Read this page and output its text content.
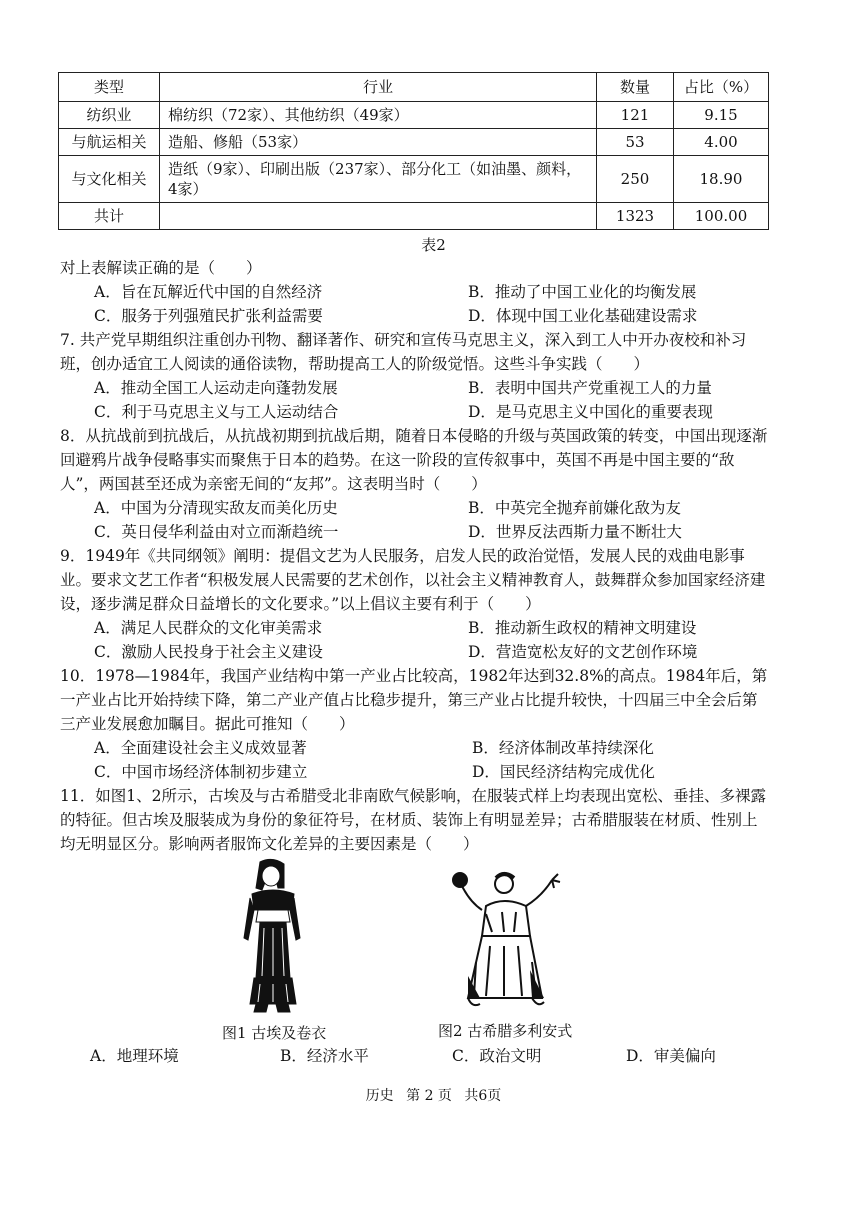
类型	行业	数量	占比（%）
纺织业	棉纺织（72家）、其他纺织（49家）	121	9.15
与航运相关	造船、修船（53家）	53	4.00
与文化相关	造纸（9家）、印刷出版（237家）、部分化工（如油墨、颜料，4家）	250	18.90
共计		1323	100.00
表2
对上表解读正确的是（　　）
A．旨在瓦解近代中国的自然经济	B．推动了中国工业化的均衡发展
C．服务于列强殖民扩张利益需要	D．体现中国工业化基础建设需求
7. 共产党早期组织注重创办刊物、翻译著作、研究和宣传马克思主义，深入到工人中开办夜校和补习班，创办适宜工人阅读的通俗读物，帮助提高工人的阶级觉悟。这些斗争实践（　　）
A．推动全国工人运动走向蓬勃发展	B．表明中国共产党重视工人的力量
C．利于马克思主义与工人运动结合	D．是马克思主义中国化的重要表现
8．从抗战前到抗战后，从抗战初期到抗战后期，随着日本侵略的升级与英国政策的转变，中国出现逐渐回避鸦片战争侵略事实而聚焦于日本的趋势。在这一阶段的宣传叙事中，英国不再是中国主要的“敌人”，两国甚至还成为亲密无间的“友邦”。这表明当时（　　）
A．中国为分清现实敌友而美化历史	B．中英完全抛弃前嫌化敌为友
C．英日侵华利益由对立而渐趋统一	D．世界反法西斯力量不断壮大
9．1949年《共同纲领》阐明：提倡文艺为人民服务，启发人民的政治觉悟，发展人民的戏曲电影事业。要求文艺工作者“积极发展人民需要的艺术创作，以社会主义精神教育人，鼓舞群众参加国家经济建设，逐步满足群众日益增长的文化要求。”以上倡议主要有利于（　　）
A．满足人民群众的文化审美需求	B．推动新生政权的精神文明建设
C．激励人民投身于社会主义建设	D．营造宽松友好的文艺创作环境
10．1978—1984年，我国产业结构中第一产业占比较高，1982年达到32.8%的高点。1984年后，第一产业占比开始持续下降，第二产业产值占比稳步提升，第三产业占比提升较快，十四届三中全会后第三产业发展愈加瞩目。据此可推知（　　）
A．全面建设社会主义成效显著	B．经济体制改革持续深化
C．中国市场经济体制初步建立	D．国民经济结构完成优化
11．如图1、2所示，古埃及与古希腊受北非南欧气候影响，在服装式样上均表现出宽松、垂挂、多裸露的特征。但古埃及服装成为身份的象征符号，在材质、装饰上有明显差异；古希腊服装在材质、性别上均无明显区分。影响两者服饰文化差异的主要因素是（　　）
图1 古埃及卷衣	图2 古希腊多利安式
A．地理环境	B．经济水平	C．政治文明	D．审美偏向
历史 第 2 页 共6页
